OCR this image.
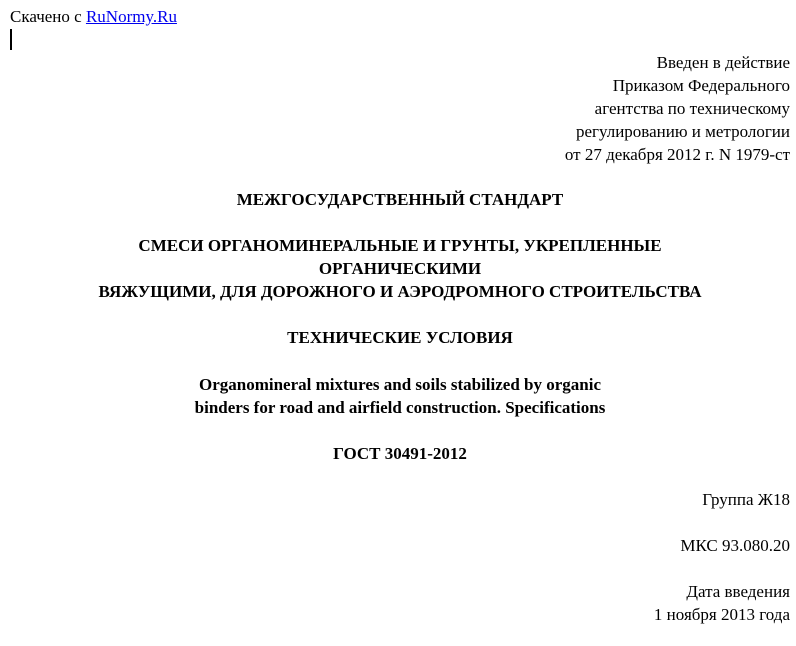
Скачено с RuNormy.Ru
Введен в действие
Приказом Федерального
агентства по техническому
регулированию и метрологии
от 27 декабря 2012 г. N 1979-ст
МЕЖГОСУДАРСТВЕННЫЙ СТАНДАРТ
СМЕСИ ОРГАНОМИНЕРАЛЬНЫЕ И ГРУНТЫ, УКРЕПЛЕННЫЕ
ОРГАНИЧЕСКИМИ
ВЯЖУЩИМИ, ДЛЯ ДОРОЖНОГО И АЭРОДРОМНОГО СТРОИТЕЛЬСТВА
ТЕХНИЧЕСКИЕ УСЛОВИЯ
Organomineral mixtures and soils stabilized by organic
binders for road and airfield construction. Specifications
ГОСТ 30491-2012
Группа Ж18
МКС 93.080.20
Дата введения
1 ноября 2013 года
